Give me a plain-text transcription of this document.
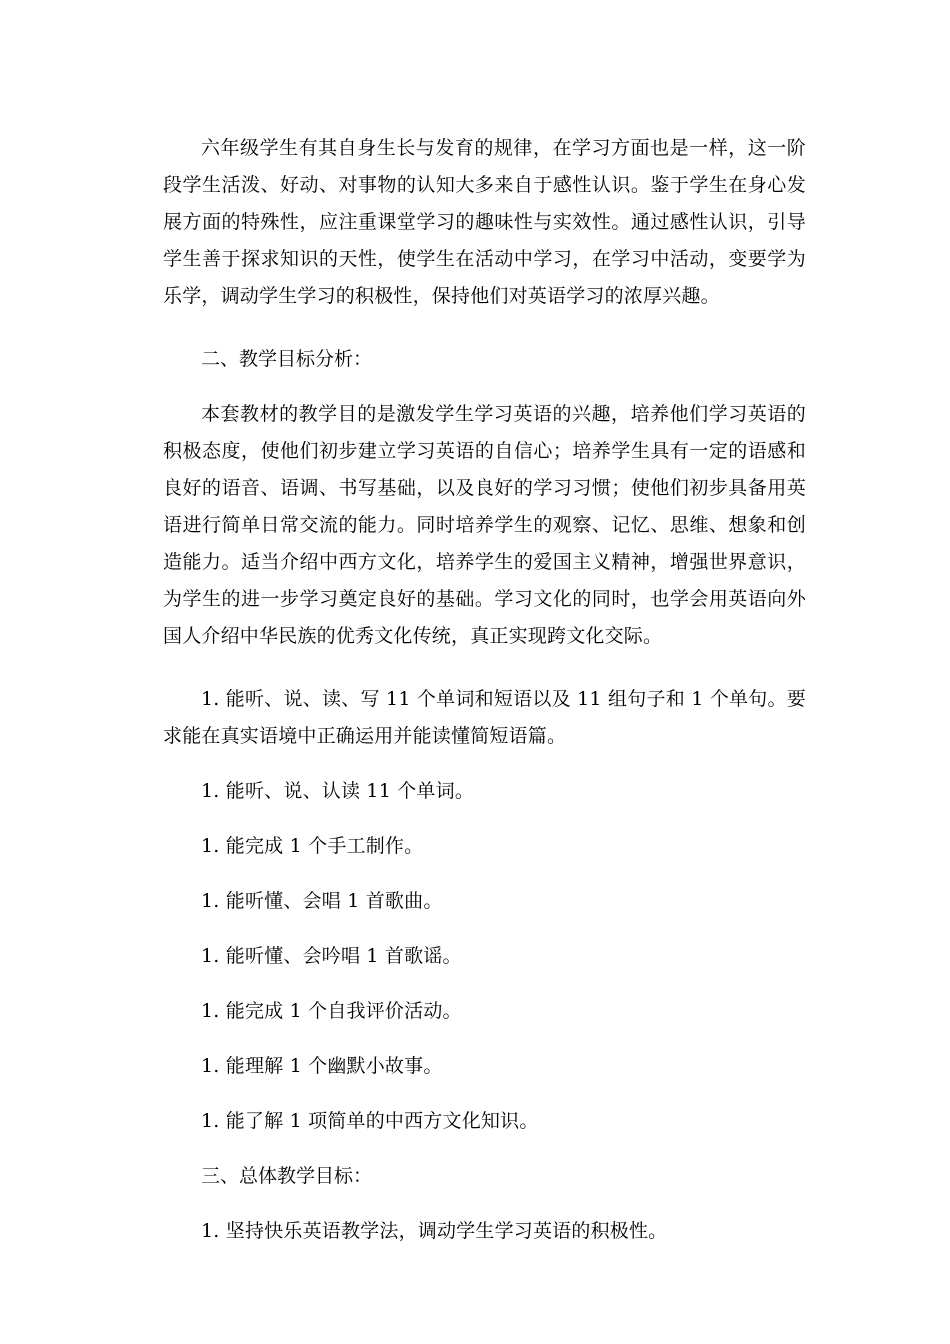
六年级学生有其自身生长与发育的规律，在学习方面也是一样，这一阶段学生活泼、好动、对事物的认知大多来自于感性认识。鉴于学生在身心发展方面的特殊性，应注重课堂学习的趣味性与实效性。通过感性认识，引导学生善于探求知识的天性，使学生在活动中学习，在学习中活动，变要学为乐学，调动学生学习的积极性，保持他们对英语学习的浓厚兴趣。

二、教学目标分析：

本套教材的教学目的是激发学生学习英语的兴趣，培养他们学习英语的积极态度，使他们初步建立学习英语的自信心；培养学生具有一定的语感和良好的语音、语调、书写基础，以及良好的学习习惯；使他们初步具备用英语进行简单日常交流的能力。同时培养学生的观察、记忆、思维、想象和创造能力。适当介绍中西方文化，培养学生的爱国主义精神，增强世界意识，为学生的进一步学习奠定良好的基础。学习文化的同时，也学会用英语向外国人介绍中华民族的优秀文化传统，真正实现跨文化交际。

1. 能听、说、读、写 11 个单词和短语以及 11 组句子和 1 个单句。要求能在真实语境中正确运用并能读懂简短语篇。

1. 能听、说、认读 11 个单词。

1. 能完成 1 个手工制作。

1. 能听懂、会唱 1 首歌曲。

1. 能听懂、会吟唱 1 首歌谣。

1. 能完成 1 个自我评价活动。

1. 能理解 1 个幽默小故事。

1. 能了解 1 项简单的中西方文化知识。

三、总体教学目标：

1. 坚持快乐英语教学法，调动学生学习英语的积极性。
